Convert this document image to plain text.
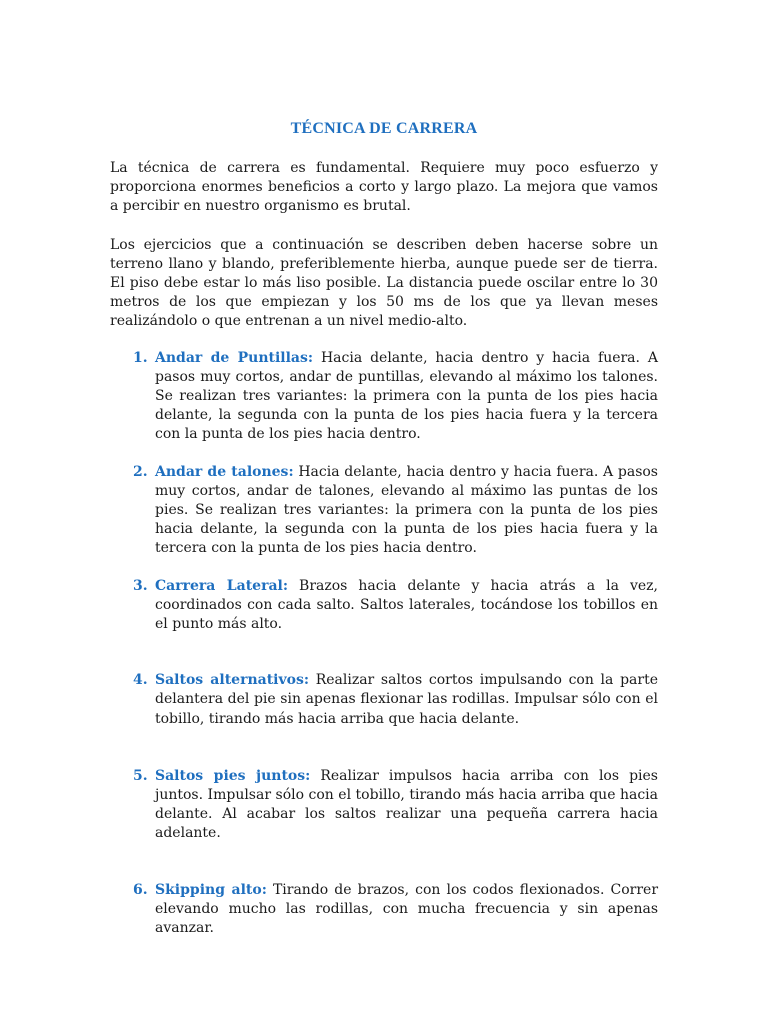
TÉCNICA DE CARRERA

La técnica de carrera es fundamental. Requiere muy poco esfuerzo y proporciona enormes beneficios a corto y largo plazo. La mejora que vamos a percibir en nuestro organismo es brutal.

Los ejercicios que a continuación se describen deben hacerse sobre un terreno llano y blando, preferiblemente hierba, aunque puede ser de tierra. El piso debe estar lo más liso posible. La distancia puede oscilar entre lo 30 metros de los que empiezan y los 50 ms de los que ya llevan meses realizándolo o que entrenan a un nivel medio-alto.

1. Andar de Puntillas: Hacia delante, hacia dentro y hacia fuera. A pasos muy cortos, andar de puntillas, elevando al máximo los talones. Se realizan tres variantes: la primera con la punta de los pies hacia delante, la segunda con la punta de los pies hacia fuera y la tercera con la punta de los pies hacia dentro.
2. Andar de talones: Hacia delante, hacia dentro y hacia fuera. A pasos muy cortos, andar de talones, elevando al máximo las puntas de los pies. Se realizan tres variantes: la primera con la punta de los pies hacia delante, la segunda con la punta de los pies hacia fuera y la tercera con la punta de los pies hacia dentro.
3. Carrera Lateral: Brazos hacia delante y hacia atrás a la vez, coordinados con cada salto. Saltos laterales, tocándose los tobillos en el punto más alto.
4. Saltos alternativos: Realizar saltos cortos impulsando con la parte delantera del pie sin apenas flexionar las rodillas. Impulsar sólo con el tobillo, tirando más hacia arriba que hacia delante.
5. Saltos pies juntos: Realizar impulsos hacia arriba con los pies juntos. Impulsar sólo con el tobillo, tirando más hacia arriba que hacia delante. Al acabar los saltos realizar una pequeña carrera hacia adelante.
6. Skipping alto: Tirando de brazos, con los codos flexionados. Correr elevando mucho las rodillas, con mucha frecuencia y sin apenas avanzar.
